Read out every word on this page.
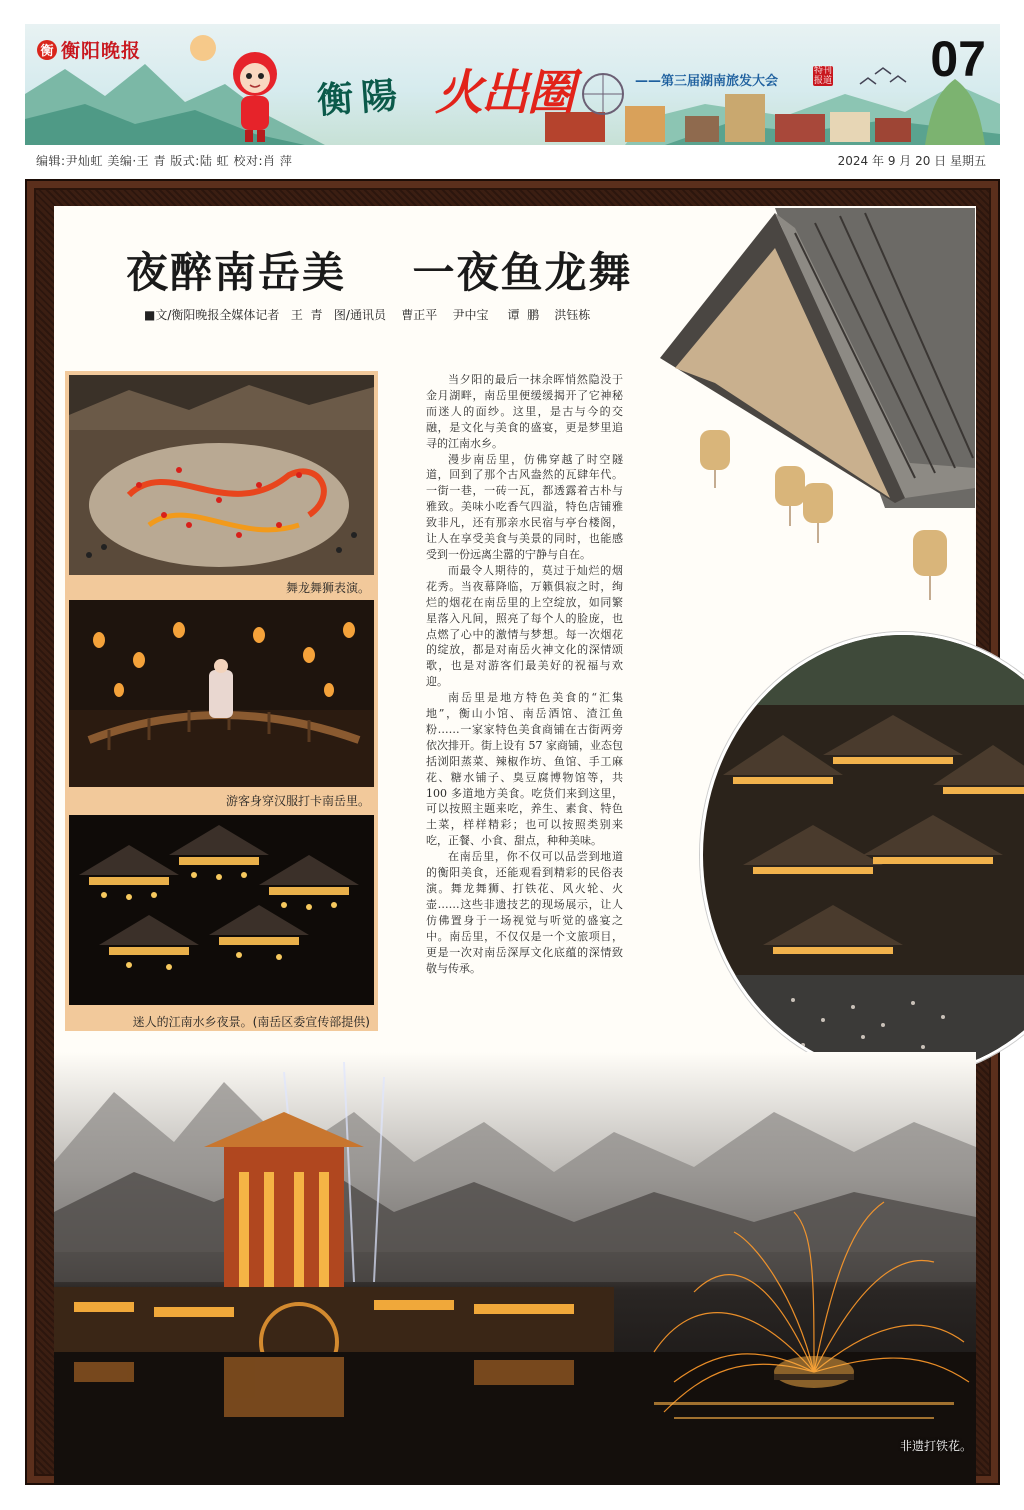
衡 衡阳晚报
衡陽 火出圈	——第三届湖南旅发大会
特刊报道 07
编辑:尹灿虹 美编·王 青 版式:陆 虹 校对:肖 萍	2024 年 9 月 20 日 星期五
夜醉南岳美    一夜鱼龙舞
■文/衡阳晚报全媒体记者   王  青   图/通讯员    曹正平    尹中宝     谭  鹏    洪钰栋
舞龙舞狮表演。
游客身穿汉服打卡南岳里。
迷人的江南水乡夜景。(南岳区委宣传部提供)

当夕阳的最后一抹余晖悄然隐没于金月湖畔，南岳里便缓缓揭开了它神秘而迷人的面纱。这里，是古与今的交融，是文化与美食的盛宴，更是梦里追寻的江南水乡。

漫步南岳里，仿佛穿越了时空隧道，回到了那个古风盎然的瓦肆年代。一街一巷，一砖一瓦，都透露着古朴与雅致。美味小吃香气四溢，特色店铺雅致非凡，还有那亲水民宿与亭台楼阁，让人在享受美食与美景的同时，也能感受到一份远离尘嚣的宁静与自在。

而最令人期待的，莫过于灿烂的烟花秀。当夜幕降临，万籁俱寂之时，绚烂的烟花在南岳里的上空绽放，如同繁星落入凡间，照亮了每个人的脸庞，也点燃了心中的激情与梦想。每一次烟花的绽放，都是对南岳火神文化的深情颂歌，也是对游客们最美好的祝福与欢迎。

南岳里是地方特色美食的“汇集地”，衡山小馆、南岳酒馆、渣江鱼粉……一家家特色美食商铺在古街两旁依次排开。街上设有 57 家商铺，业态包括浏阳蒸菜、辣椒作坊、鱼馆、手工麻花、糖水铺子、臭豆腐博物馆等，共 100 多道地方美食。吃货们来到这里，可以按照主题来吃，养生、素食、特色土菜，样样精彩；也可以按照类别来吃，正餐、小食、甜点，种种美味。

在南岳里，你不仅可以品尝到地道的衡阳美食，还能观看到精彩的民俗表演。舞龙舞狮、打铁花、风火轮、火壶……这些非遗技艺的现场展示，让人仿佛置身于一场视觉与听觉的盛宴之中。南岳里，不仅仅是一个文旅项目，更是一次对南岳深厚文化底蕴的深情致敬与传承。

非遗打铁花。
